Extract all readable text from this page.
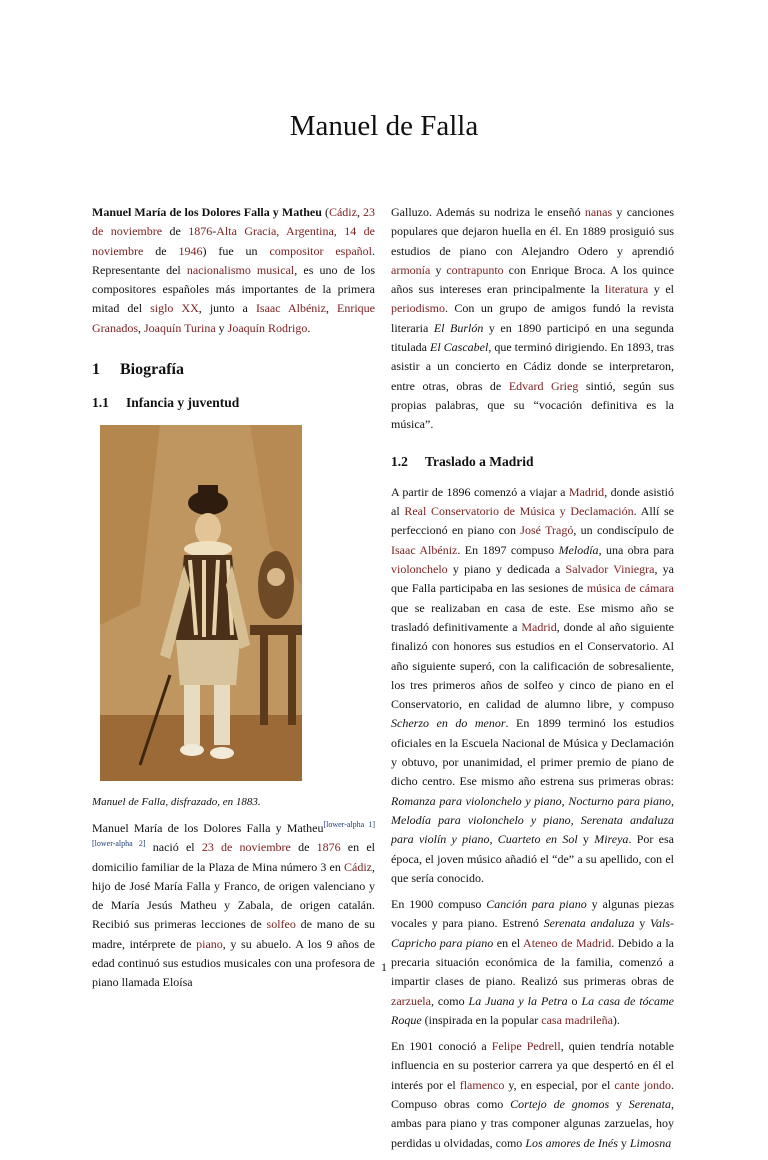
Manuel de Falla

Manuel María de los Dolores Falla y Matheu (Cádiz, 23 de noviembre de 1876-Alta Gracia, Argentina, 14 de noviembre de 1946) fue un compositor español. Representante del nacionalismo musical, es uno de los compositores españoles más importantes de la primera mitad del siglo XX, junto a Isaac Albéniz, Enrique Granados, Joaquín Turina y Joaquín Rodrigo.

1 Biografía
1.1 Infancia y juventud

Manuel de Falla, disfrazado, en 1883.

Manuel María de los Dolores Falla y Matheu[lower-alpha 1][lower-alpha 2] nació el 23 de noviembre de 1876 en el domicilio familiar de la Plaza de Mina número 3 en Cádiz, hijo de José María Falla y Franco, de origen valenciano y de María Jesús Matheu y Zabala, de origen catalán. Recibió sus primeras lecciones de solfeo de mano de su madre, intérprete de piano, y su abuelo. A los 9 años de edad continuó sus estudios musicales con una profesora de piano llamada Eloísa

Galluzo. Además su nodriza le enseñó nanas y canciones populares que dejaron huella en él. En 1889 prosiguió sus estudios de piano con Alejandro Odero y aprendió armonía y contrapunto con Enrique Broca. A los quince años sus intereses eran principalmente la literatura y el periodismo. Con un grupo de amigos fundó la revista literaria El Burlón y en 1890 participó en una segunda titulada El Cascabel, que terminó dirigiendo. En 1893, tras asistir a un concierto en Cádiz donde se interpretaron, entre otras, obras de Edvard Grieg sintió, según sus propias palabras, que su “vocación definitiva es la música”.

1.2 Traslado a Madrid

A partir de 1896 comenzó a viajar a Madrid, donde asistió al Real Conservatorio de Música y Declamación. Allí se perfeccionó en piano con José Tragó, un condiscípulo de Isaac Albéniz. En 1897 compuso Melodía, una obra para violonchelo y piano y dedicada a Salvador Viniegra, ya que Falla participaba en las sesiones de música de cámara que se realizaban en casa de este. Ese mismo año se trasladó definitivamente a Madrid, donde al año siguiente finalizó con honores sus estudios en el Conservatorio. Al año siguiente superó, con la calificación de sobresaliente, los tres primeros años de solfeo y cinco de piano en el Conservatorio, en calidad de alumno libre, y compuso Scherzo en do menor. En 1899 terminó los estudios oficiales en la Escuela Nacional de Música y Declamación y obtuvo, por unanimidad, el primer premio de piano de dicho centro. Ese mismo año estrena sus primeras obras: Romanza para violonchelo y piano, Nocturno para piano, Melodía para violonchelo y piano, Serenata andaluza para violín y piano, Cuarteto en Sol y Mireya. Por esa época, el joven músico añadió el “de” a su apellido, con el que sería conocido.

En 1900 compuso Canción para piano y algunas piezas vocales y para piano. Estrenó Serenata andaluza y Vals-Capricho para piano en el Ateneo de Madrid. Debido a la precaria situación económica de la familia, comenzó a impartir clases de piano. Realizó sus primeras obras de zarzuela, como La Juana y la Petra o La casa de tócame Roque (inspirada en la popular casa madrileña).

En 1901 conoció a Felipe Pedrell, quien tendría notable influencia en su posterior carrera ya que despertó en él el interés por el flamenco y, en especial, por el cante jondo. Compuso obras como Cortejo de gnomos y Serenata, ambas para piano y tras componer algunas zarzuelas, hoy perdidas u olvidadas, como Los amores de Inés y Limosna

1
